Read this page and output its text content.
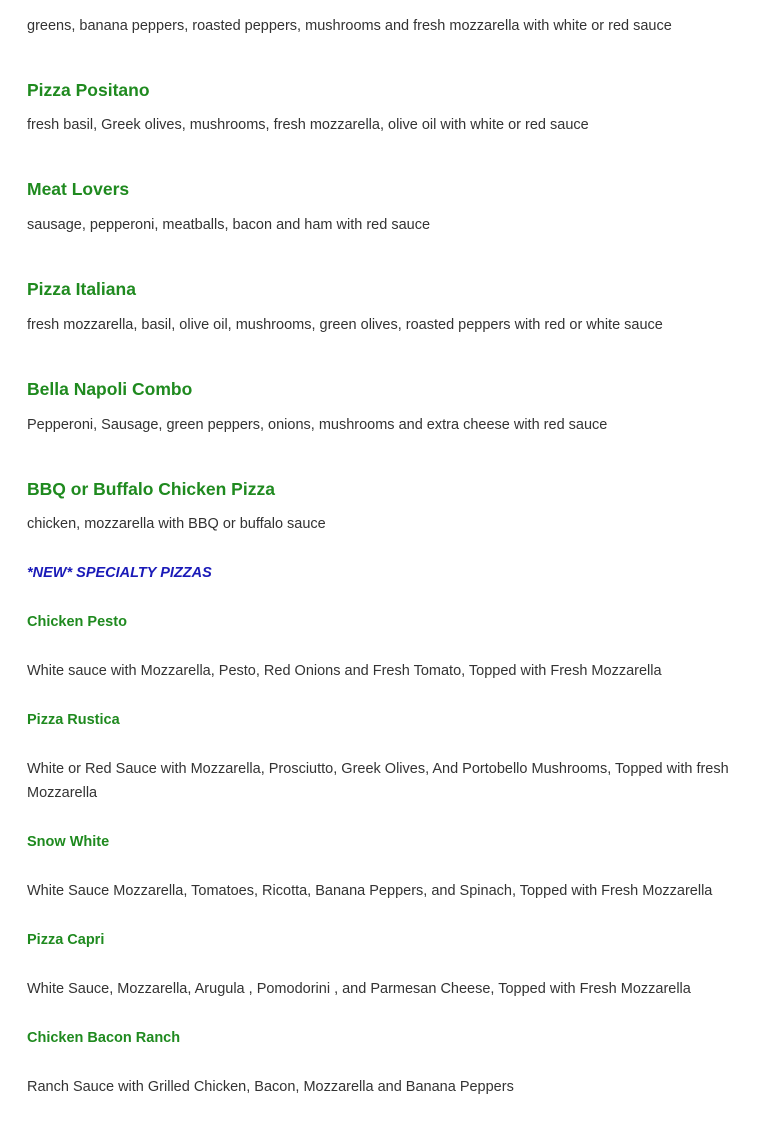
greens, banana peppers, roasted peppers, mushrooms and fresh mozzarella with white or red sauce

Pizza Positano

fresh basil, Greek olives, mushrooms, fresh mozzarella, olive oil with white or red sauce

Meat Lovers

sausage, pepperoni, meatballs, bacon and ham with red sauce

Pizza Italiana

fresh mozzarella, basil, olive oil, mushrooms, green olives, roasted peppers with red or white sauce

Bella Napoli Combo

Pepperoni, Sausage, green peppers, onions, mushrooms and extra cheese with red sauce

BBQ or Buffalo Chicken Pizza

chicken, mozzarella with BBQ or buffalo sauce

*NEW* SPECIALTY PIZZAS
Chicken Pesto

White sauce with Mozzarella, Pesto, Red Onions and Fresh Tomato, Topped with Fresh Mozzarella

Pizza Rustica

White or Red Sauce with Mozzarella, Prosciutto, Greek Olives, And Portobello Mushrooms, Topped with fresh Mozzarella

Snow White

White Sauce Mozzarella, Tomatoes, Ricotta, Banana Peppers, and Spinach, Topped with Fresh Mozzarella

Pizza Capri

White Sauce, Mozzarella, Arugula , Pomodorini , and Parmesan Cheese, Topped with Fresh Mozzarella

Chicken Bacon Ranch

Ranch Sauce with Grilled Chicken, Bacon, Mozzarella and Banana Peppers
